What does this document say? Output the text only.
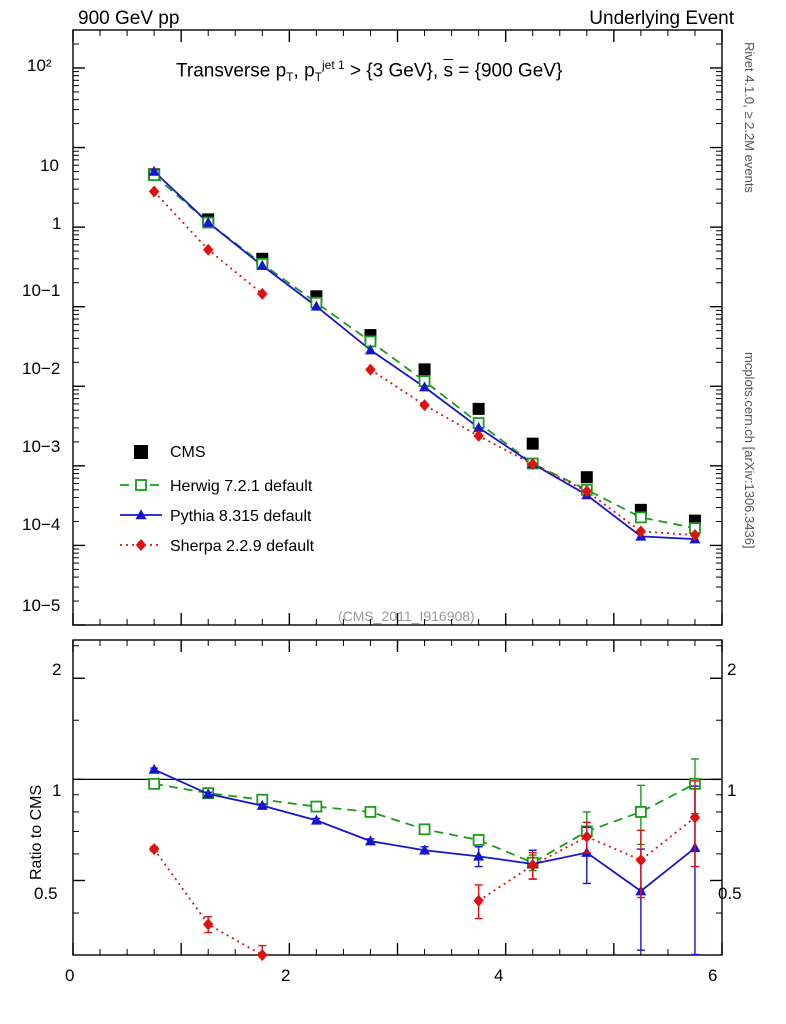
900 GeV pp	Underlying Event
Rivet 4.1.0, ≥ 2.2M events
mcplots.cern.ch [arXiv:1306.3436]
Transverse $p_T$, $p_T^{jet 1} > \{3$ GeV}, $\overline{s} = \{900$ GeV}
(CMS_2011_I916908)
Ratio to CMS
10²
10
1
10−1
10−2
10−3
10−4
10−5
2
1
0.5
2
1
0.5
0	2	4	6
CMS
Herwig 7.2.1 default
Pythia 8.315 default
Sherpa 2.2.9 default
